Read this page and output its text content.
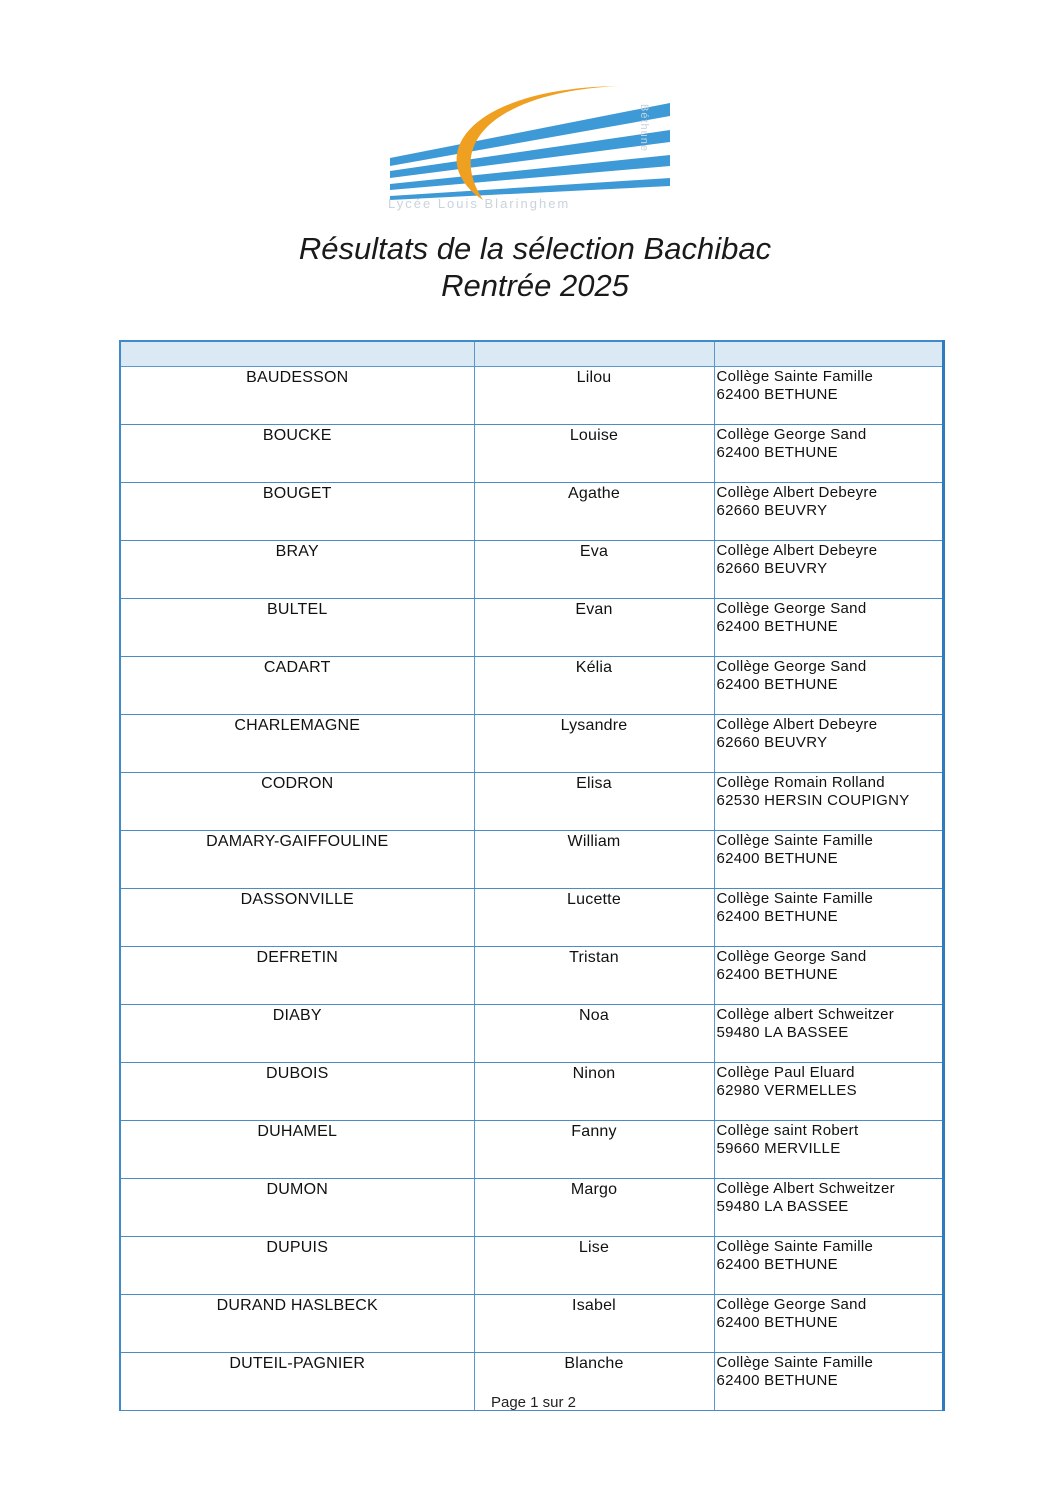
Lycée Louis Blaringhem
Béthune
Résultats de la sélection Bachibac
Rentrée 2025

BAUDESSON	Lilou	Collège Sainte Famille
62400 BETHUNE

BOUCKE	Louise	Collège George Sand
62400 BETHUNE

BOUGET	Agathe	Collège Albert Debeyre
62660 BEUVRY

BRAY	Eva	Collège Albert Debeyre
62660 BEUVRY

BULTEL	Evan	Collège George Sand
62400 BETHUNE

CADART	Kélia	Collège George Sand
62400 BETHUNE

CHARLEMAGNE	Lysandre	Collège Albert Debeyre
62660 BEUVRY

CODRON	Elisa	Collège Romain Rolland
62530 HERSIN COUPIGNY

DAMARY-GAIFFOULINE	William	Collège Sainte Famille
62400 BETHUNE

DASSONVILLE	Lucette	Collège Sainte Famille
62400 BETHUNE

DEFRETIN	Tristan	Collège George Sand
62400 BETHUNE

DIABY	Noa	Collège albert Schweitzer
59480 LA BASSEE

DUBOIS	Ninon	Collège Paul Eluard
62980 VERMELLES

DUHAMEL	Fanny	Collège saint Robert
59660 MERVILLE

DUMON	Margo	Collège Albert Schweitzer
59480 LA BASSEE

DUPUIS	Lise	Collège Sainte Famille
62400 BETHUNE

DURAND HASLBECK	Isabel	Collège George Sand
62400 BETHUNE

DUTEIL-PAGNIER	Blanche	Collège Sainte Famille
62400 BETHUNE
Page 1 sur 2
